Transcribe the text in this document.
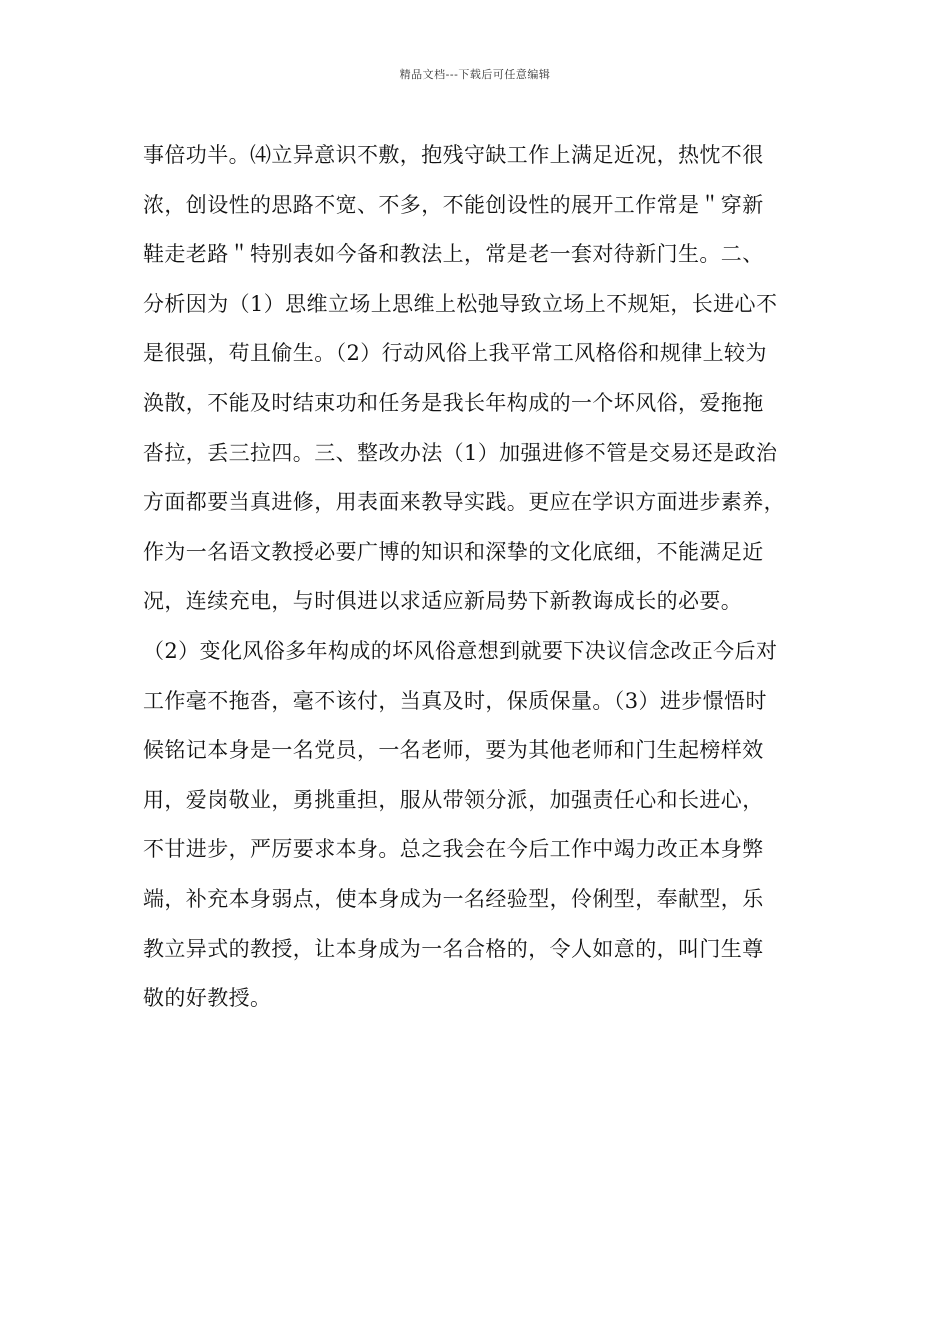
精品文档---下载后可任意编辑
事倍功半。⑷立异意识不敷，抱残守缺工作上满足近况，热忱不很
浓，创设性的思路不宽、不多，不能创设性的展开工作常是＂穿新
鞋走老路＂特别表如今备和教法上，常是老一套对待新门生。二、
分析因为（1）思维立场上思维上松弛导致立场上不规矩，长进心不
是很强，苟且偷生。（2）行动风俗上我平常工风格俗和规律上较为
涣散，不能及时结束功和任务是我长年构成的一个坏风俗，爱拖拖
沓拉，丢三拉四。三、整改办法（1）加强进修不管是交易还是政治
方面都要当真进修，用表面来教导实践。更应在学识方面进步素养，
作为一名语文教授必要广博的知识和深挚的文化底细，不能满足近
况，连续充电，与时俱进以求适应新局势下新教诲成长的必要。
（2）变化风俗多年构成的坏风俗意想到就要下决议信念改正今后对
工作毫不拖沓，毫不该付，当真及时，保质保量。（3）进步憬悟时
候铭记本身是一名党员，一名老师，要为其他老师和门生起榜样效
用，爱岗敬业，勇挑重担，服从带领分派，加强责任心和长进心，
不甘进步，严厉要求本身。总之我会在今后工作中竭力改正本身弊
端，补充本身弱点，使本身成为一名经验型，伶俐型，奉献型，乐
教立异式的教授，让本身成为一名合格的，令人如意的，叫门生尊
敬的好教授。
